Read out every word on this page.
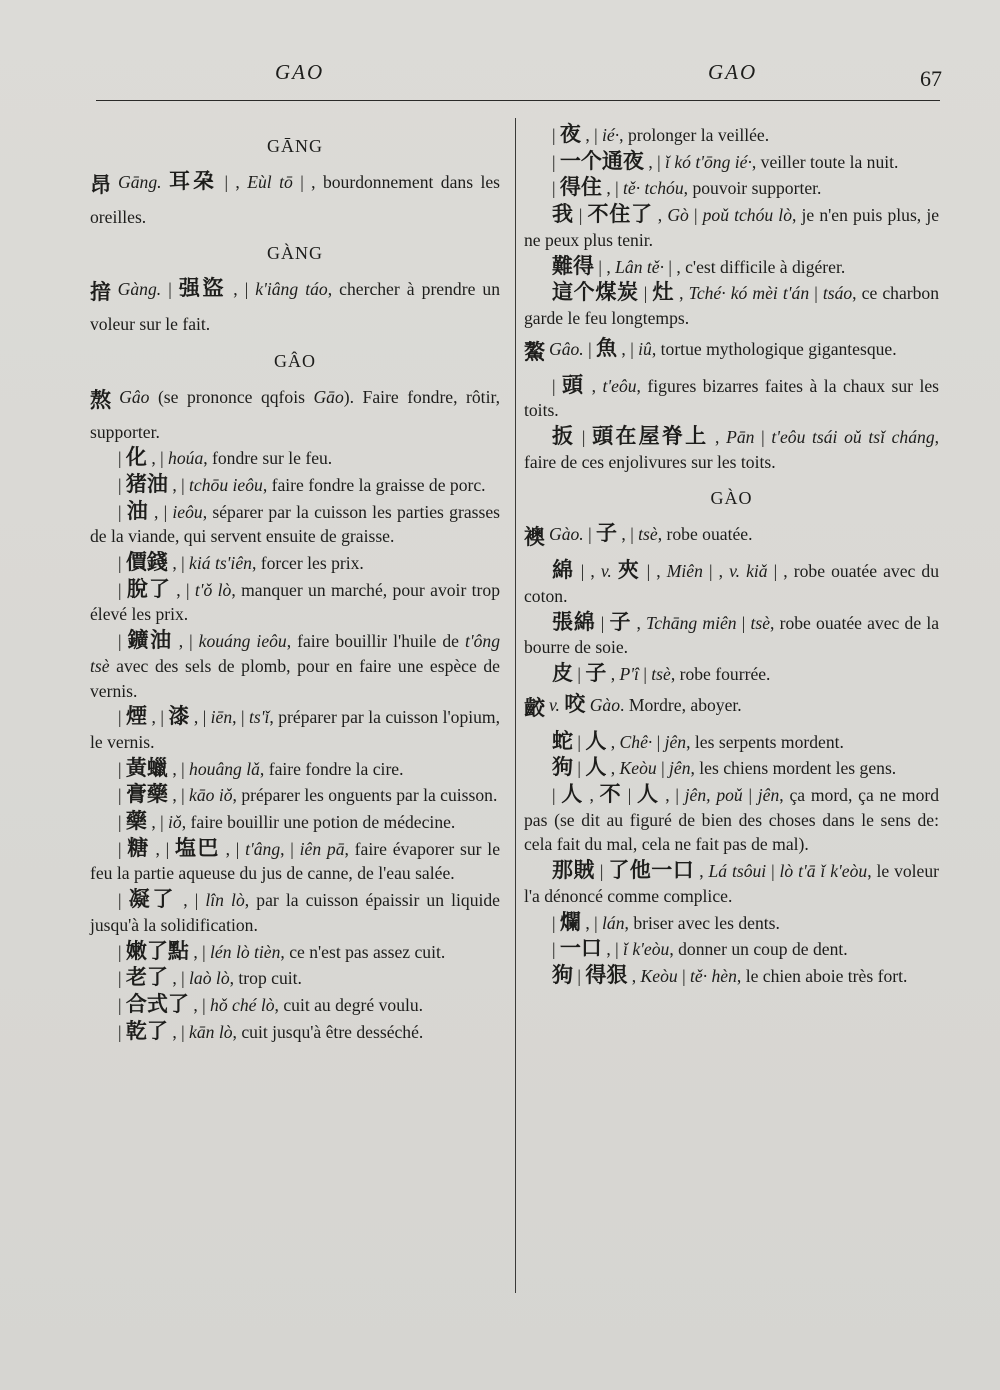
GAO	GAO	67
GĀNG
昂 Gāng. 耳朶 | , Eùl tō | , bourdonnement dans les oreilles.
GÀNG
揞 Gàng. | 强盜 , | k'iâng táo, chercher à prendre un voleur sur le fait.
GÂO
熬 Gâo (se prononce qqfois Gāo). Faire fondre, rôtir, supporter.
| 化 , | hoúa, fondre sur le feu.
| 猪油 , | tchōu ieôu, faire fondre la graisse de porc.
| 油 , | ieôu, séparer par la cuisson les parties grasses de la viande, qui servent ensuite de graisse.
| 價錢 , | kiá ts'iên, forcer les prix.
| 脫了 , | t'ǒ lò, manquer un marché, pour avoir trop élevé les prix.
| 鑛油 , | kouáng ieôu, faire bouillir l'huile de t'ông tsè avec des sels de plomb, pour en faire une espèce de vernis.
| 煙 , | 漆 , | iēn, | ts'ǐ, préparer par la cuisson l'opium, le vernis.
| 黃蠟 , | houâng lǎ, faire fondre la cire.
| 膏藥 , | kāo iǒ, préparer les onguents par la cuisson.
| 藥 , | iǒ, faire bouillir une potion de médecine.
| 糖 , | 塩巴 , | t'âng, | iên pā, faire évaporer sur le feu la partie aqueuse du jus de canne, de l'eau salée.
| 凝了 , | lîn lò, par la cuisson épaissir un liquide jusqu'à la solidification.
| 嫩了點 , | lén lò tièn, ce n'est pas assez cuit.
| 老了 , | laò lò, trop cuit.
| 合式了 , | hǒ ché lò, cuit au degré voulu.
| 乾了 , | kān lò, cuit jusqu'à être desséché.
| 夜 , | ié·, prolonger la veillée.
| 一个通夜 , | ǐ kó t'ōng ié·, veiller toute la nuit.
| 得住 , | tě· tchóu, pouvoir supporter.
我 | 不住了 , Gò | poǔ tchóu lò, je n'en puis plus, je ne peux plus tenir.
難得 | , Lân tě· | , c'est difficile à digérer.
這个煤炭 | 灶 , Tché· kó mèi t'án | tsáo, ce charbon garde le feu longtemps.
鰲 Gâo. | 魚 , | iû, tortue mythologique gigantesque.
| 頭 , t'eôu, figures bizarres faites à la chaux sur les toits.
扳 | 頭在屋脊上 , Pān | t'eôu tsái oǔ tsǐ cháng, faire de ces enjolivures sur les toits.
GÀO
襖 Gào. | 子 , | tsè, robe ouatée.
綿 | , v. 夾 | , Miên | , v. kiǎ | , robe ouatée avec du coton.
張綿 | 子 , Tchāng miên | tsè, robe ouatée avec de la bourre de soie.
皮 | 子 , P'î | tsè, robe fourrée.
齩 v. 咬 Gào. Mordre, aboyer.
蛇 | 人 , Chê· | jên, les serpents mordent.
狗 | 人 , Keòu | jên, les chiens mordent les gens.
| 人 , 不 | 人 , | jên, poǔ | jên, ça mord, ça ne mord pas (se dit au figuré de bien des choses dans le sens de: cela fait du mal, cela ne fait pas de mal).
那賊 | 了他一口 , Lá tsôui | lò t'ā ǐ k'eòu, le voleur l'a dénoncé comme complice.
| 爛 , | lán, briser avec les dents.
| 一口 , | ǐ k'eòu, donner un coup de dent.
狗 | 得狠 , Keòu | tě· hèn, le chien aboie très fort.
